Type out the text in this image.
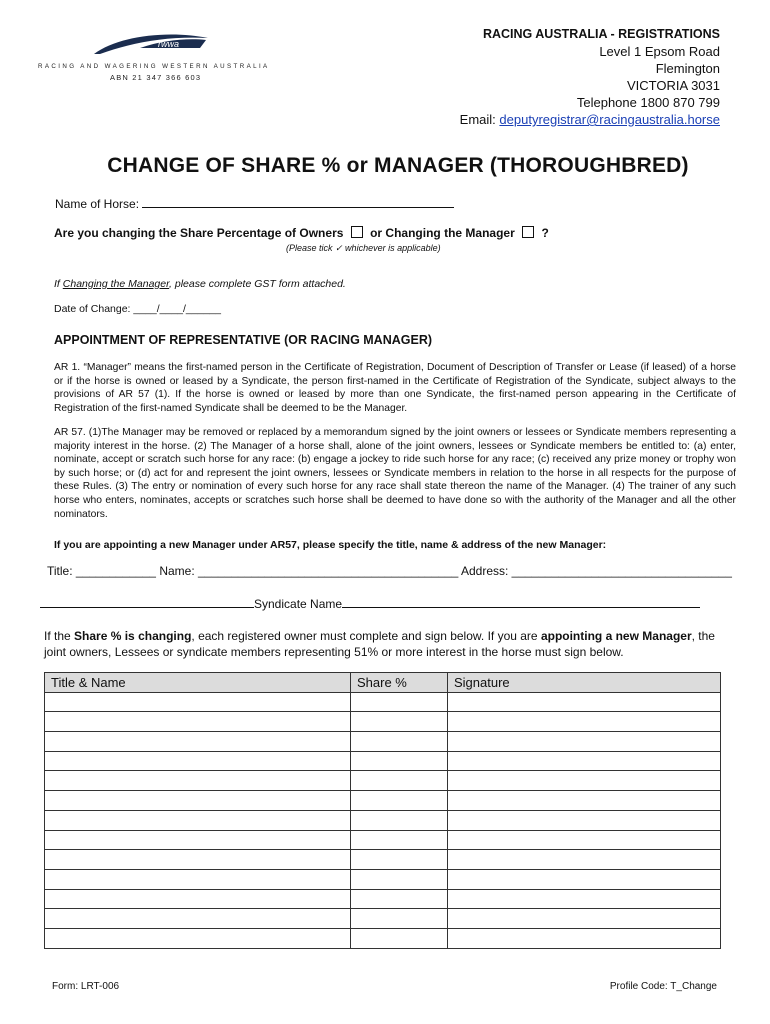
rwwa
RACING AND WAGERING WESTERN AUSTRALIA
ABN 21 347 366 603
RACING AUSTRALIA - REGISTRATIONS
Level 1 Epsom Road
Flemington
VICTORIA 3031
Telephone 1800 870 799
Email: deputyregistrar@racingaustralia.horse
CHANGE OF SHARE % or MANAGER (THOROUGHBRED)
Name of Horse:
Are you changing the Share Percentage of Owners or Changing the Manager ?
(Please tick ✓ whichever is applicable)
If Changing the Manager, please complete GST form attached.
Date of Change: ____/____/______
APPOINTMENT OF REPRESENTATIVE (OR RACING MANAGER)
AR 1. “Manager” means the first-named person in the Certificate of Registration, Document of Description of Transfer or Lease (if leased) of a horse or if the horse is owned or leased by a Syndicate, the person first-named in the Certificate of Registration of the Syndicate, subject always to the provisions of AR 57 (1). If the horse is owned or leased by more than one Syndicate, the first-named person appearing in the Certificate of Registration of the first-named Syndicate shall be deemed to be the Manager.
AR 57. (1)The Manager may be removed or replaced by a memorandum signed by the joint owners or lessees or Syndicate members representing a majority interest in the horse. (2) The Manager of a horse shall, alone of the joint owners, lessees or Syndicate members be entitled to: (a) enter, nominate, accept or scratch such horse for any race: (b) engage a jockey to ride such horse for any race; (c) received any prize money or trophy won by such horse; or (d) act for and represent the joint owners, lessees or Syndicate members in relation to the horse in all respects for the purpose of these Rules. (3) The entry or nomination of every such horse for any race shall state thereon the name of the Manager. (4) The trainer of any such horse who enters, nominates, accepts or scratches such horse shall be deemed to have done so with the authority of the Manager and all the other nominators.
If you are appointing a new Manager under AR57, please specify the title, name & address of the new Manager:
Title: ____________ Name: _______________________________________ Address: _________________________________
Syndicate Name
If the Share % is changing, each registered owner must complete and sign below. If you are appointing a new Manager, the joint owners, Lessees or syndicate members representing 51% or more interest in the horse must sign below.
Title & Name	Share %	Signature

Form: LRT-006	Profile Code: T_Change
